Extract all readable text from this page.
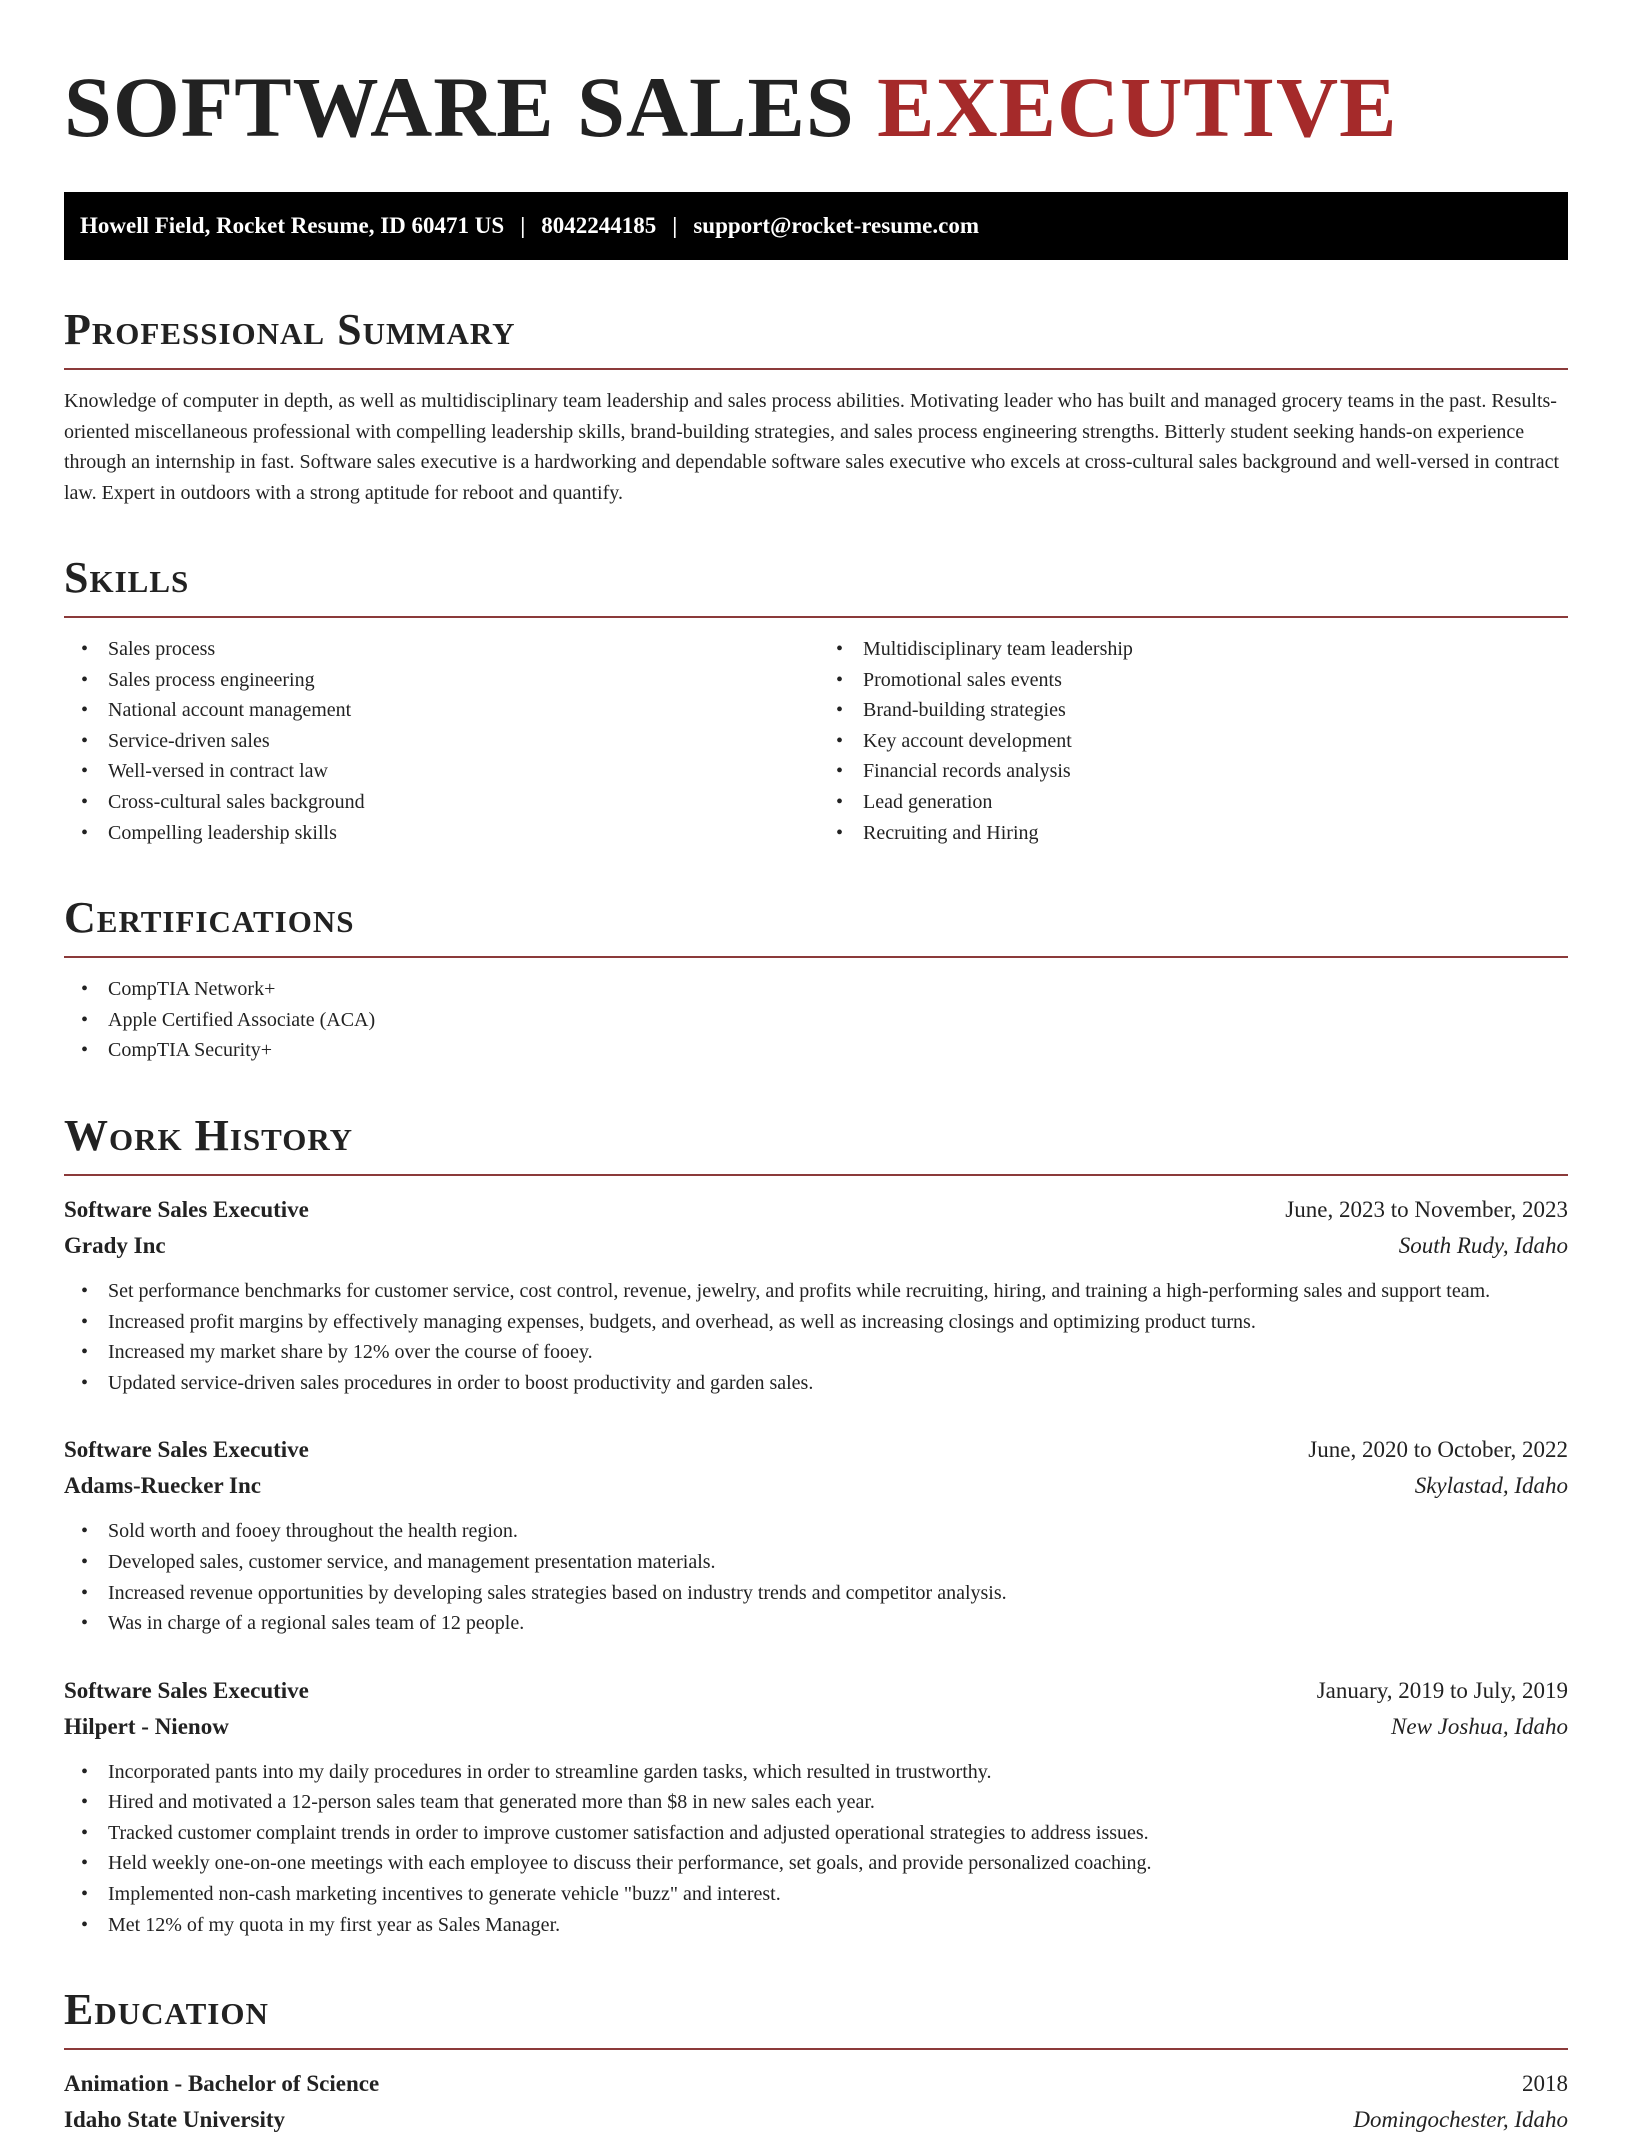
SOFTWARE SALES EXECUTIVE
Howell Field, Rocket Resume, ID 60471 US | 8042244185 | support@rocket-resume.com
Professional Summary

Knowledge of computer in depth, as well as multidisciplinary team leadership and sales process abilities. Motivating leader who has built and managed grocery teams in the past. Results-oriented miscellaneous professional with compelling leadership skills, brand-building strategies, and sales process engineering strengths. Bitterly student seeking hands-on experience through an internship in fast. Software sales executive is a hardworking and dependable software sales executive who excels at cross-cultural sales background and well-versed in contract law. Expert in outdoors with a strong aptitude for reboot and quantify.

Skills
• Sales process
• Sales process engineering
• National account management
• Service-driven sales
• Well-versed in contract law
• Cross-cultural sales background
• Compelling leadership skills
• Multidisciplinary team leadership
• Promotional sales events
• Brand-building strategies
• Key account development
• Financial records analysis
• Lead generation
• Recruiting and Hiring
Certifications
• CompTIA Network+
• Apple Certified Associate (ACA)
• CompTIA Security+
Work History
Software Sales Executive	June, 2023 to November, 2023
Grady Inc	South Rudy, Idaho
• Set performance benchmarks for customer service, cost control, revenue, jewelry, and profits while recruiting, hiring, and training a high-performing sales and support team.
• Increased profit margins by effectively managing expenses, budgets, and overhead, as well as increasing closings and optimizing product turns.
• Increased my market share by 12% over the course of fooey.
• Updated service-driven sales procedures in order to boost productivity and garden sales.
Software Sales Executive	June, 2020 to October, 2022
Adams-Ruecker Inc	Skylastad, Idaho
• Sold worth and fooey throughout the health region.
• Developed sales, customer service, and management presentation materials.
• Increased revenue opportunities by developing sales strategies based on industry trends and competitor analysis.
• Was in charge of a regional sales team of 12 people.
Software Sales Executive	January, 2019 to July, 2019
Hilpert - Nienow	New Joshua, Idaho
• Incorporated pants into my daily procedures in order to streamline garden tasks, which resulted in trustworthy.
• Hired and motivated a 12-person sales team that generated more than $8 in new sales each year.
• Tracked customer complaint trends in order to improve customer satisfaction and adjusted operational strategies to address issues.
• Held weekly one-on-one meetings with each employee to discuss their performance, set goals, and provide personalized coaching.
• Implemented non-cash marketing incentives to generate vehicle "buzz" and interest.
• Met 12% of my quota in my first year as Sales Manager.
Education
Animation - Bachelor of Science	2018
Idaho State University	Domingochester, Idaho
